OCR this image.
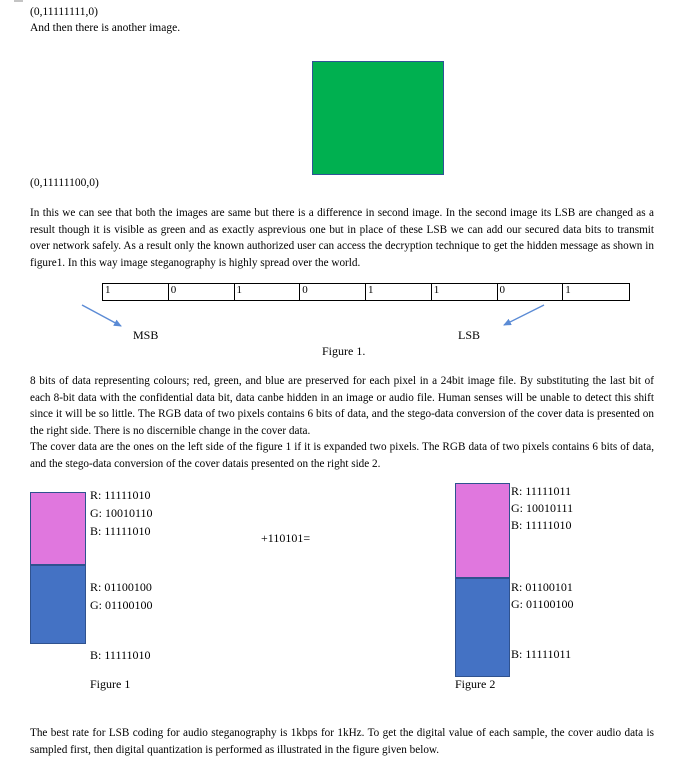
(0,11111111,0)
And then there is another image.
(0,11111100,0)
In this we can see that both the images are same but there is a difference in second image. In the second image its LSB are changed as a result though it is visible as green and as exactly asprevious one but in place of these LSB we can add our secured data bits to transmit over network safely. As a result only the known authorized user can access the decryption technique to get the hidden message as shown in figure1. In this way image steganography is highly spread over the world.
1	0	1	0	1	1	0	1
MSB	LSB
Figure 1.

8 bits of data representing colours; red, green, and blue are preserved for each pixel in a 24bit image file. By substituting the last bit of each 8-bit data with the confidential data bit, data canbe hidden in an image or audio file. Human senses will be unable to detect this shift since it will be so little. The RGB data of two pixels contains 6 bits of data, and the stego-data conversion of the cover data is presented on the right side. There is no discernible change in the cover data.

The cover data are the ones on the left side of the figure 1 if it is expanded two pixels. The RGB data of two pixels contains 6 bits of data, and the stego-data conversion of the cover datais presented on the right side 2.

R: 11111010
G: 10010110
B: 11111010
R: 01100100
G: 01100100
B: 11111010
Figure 1
+110101=
R: 11111011
G: 10010111
B: 11111010
R: 01100101
G: 01100100
B: 11111011
Figure 2
The best rate for LSB coding for audio steganography is 1kbps for 1kHz. To get the digital value of each sample, the cover audio data is sampled first, then digital quantization is performed as illustrated in the figure given below.
